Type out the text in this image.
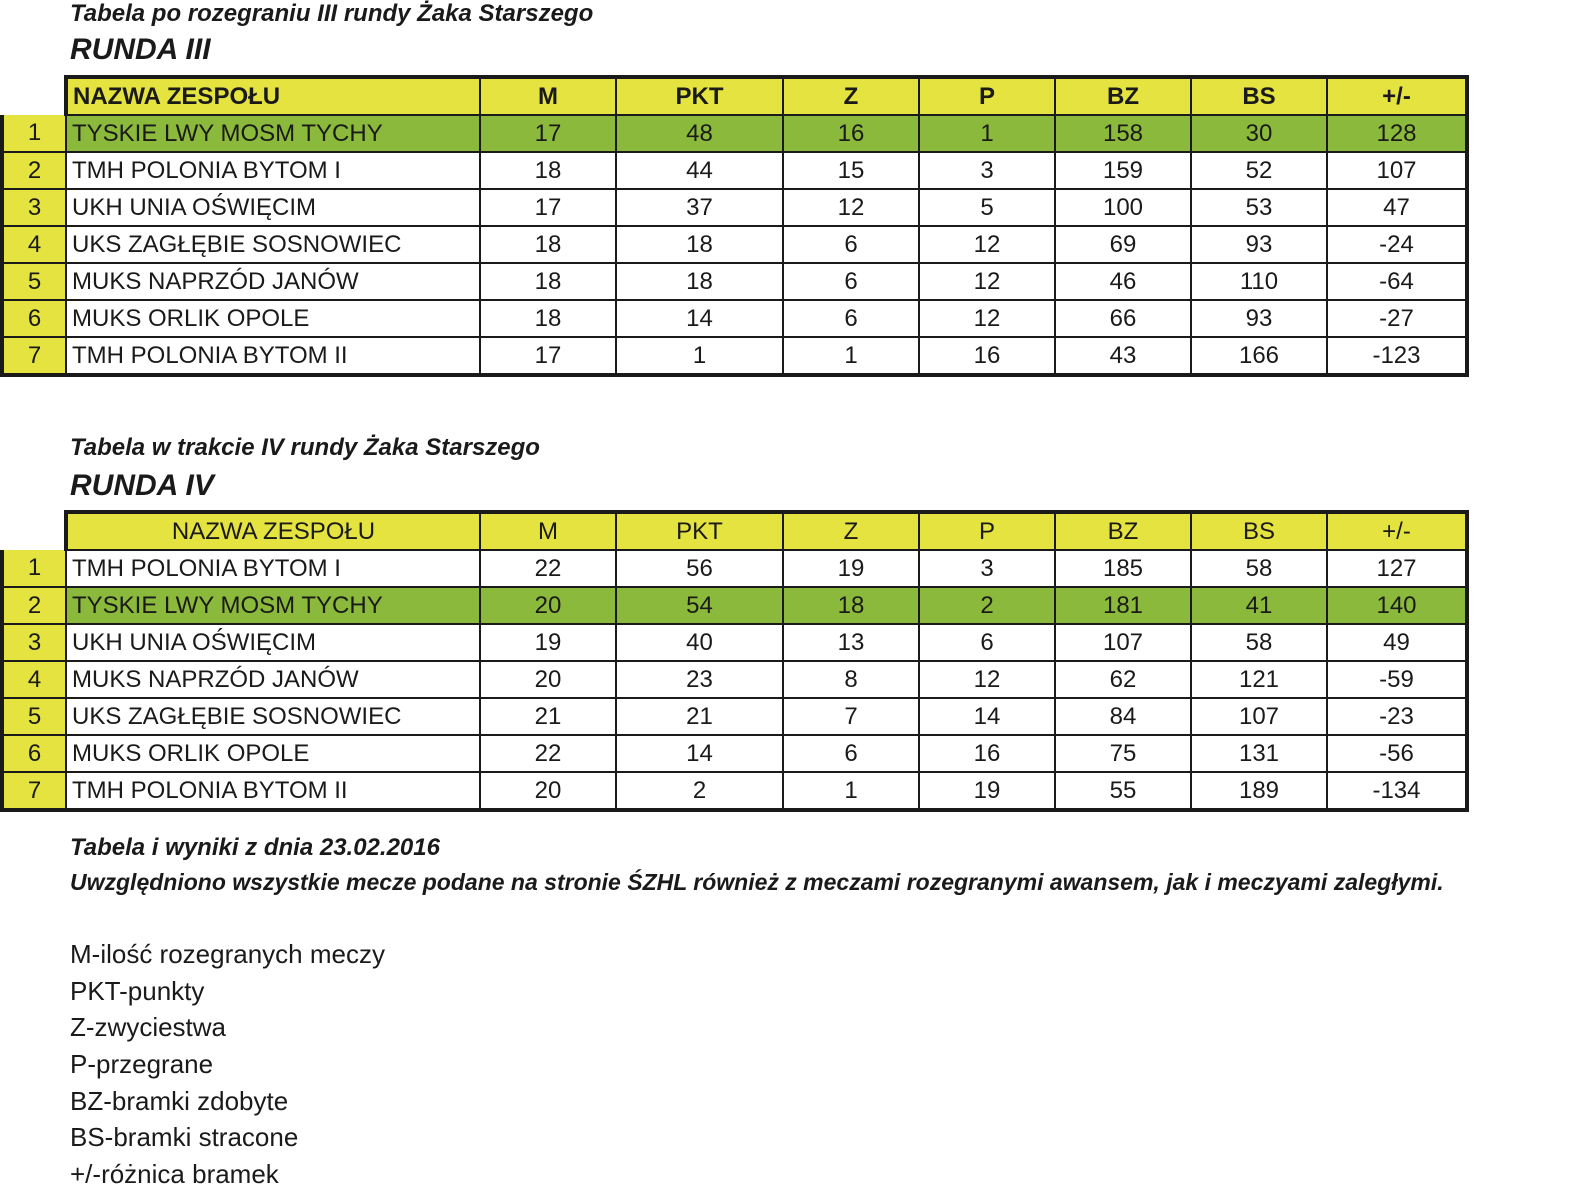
Tabela po rozegraniu III rundy Żaka Starszego

RUNDA III

	NAZWA ZESPOŁU	M	PKT	Z	P	BZ	BS	+/-
1	TYSKIE LWY MOSM TYCHY	17	48	16	1	158	30	128
2	TMH POLONIA BYTOM I	18	44	15	3	159	52	107
3	UKH UNIA OŚWIĘCIM	17	37	12	5	100	53	47
4	UKS ZAGŁĘBIE SOSNOWIEC	18	18	6	12	69	93	-24
5	MUKS NAPRZÓD JANÓW	18	18	6	12	46	110	-64
6	MUKS ORLIK OPOLE	18	14	6	12	66	93	-27
7	TMH POLONIA BYTOM II	17	1	1	16	43	166	-123

Tabela w trakcie IV rundy Żaka Starszego

RUNDA IV

	NAZWA ZESPOŁU	M	PKT	Z	P	BZ	BS	+/-
1	TMH POLONIA BYTOM I	22	56	19	3	185	58	127
2	TYSKIE LWY MOSM TYCHY	20	54	18	2	181	41	140
3	UKH UNIA OŚWIĘCIM	19	40	13	6	107	58	49
4	MUKS NAPRZÓD JANÓW	20	23	8	12	62	121	-59
5	UKS ZAGŁĘBIE SOSNOWIEC	21	21	7	14	84	107	-23
6	MUKS ORLIK OPOLE	22	14	6	16	75	131	-56
7	TMH POLONIA BYTOM II	20	2	1	19	55	189	-134

Tabela i wyniki z dnia 23.02.2016

Uwzględniono wszystkie mecze podane na stronie ŚZHL również z meczami rozegranymi awansem, jak i meczyami zaległymi.

M-ilość rozegranych meczy
PKT-punkty
Z-zwyciestwa
P-przegrane
BZ-bramki zdobyte
BS-bramki stracone
+/-różnica bramek
